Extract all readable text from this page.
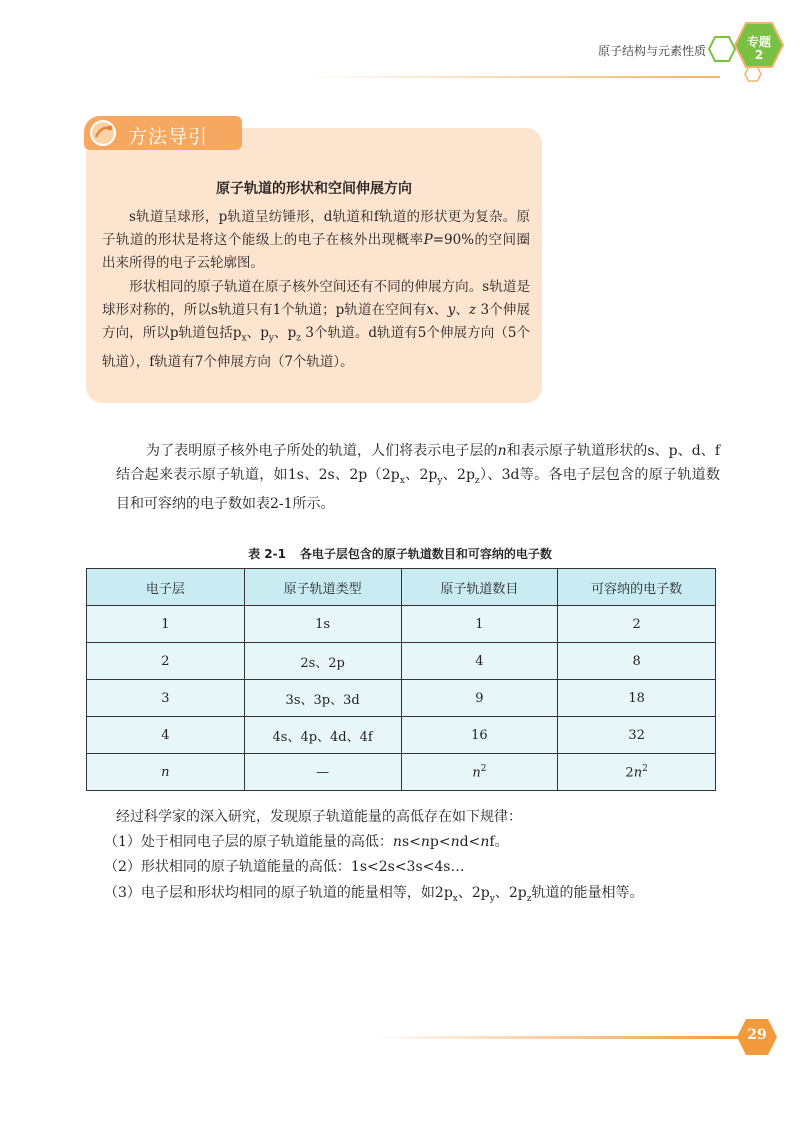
原子结构与元素性质
专题
2
方法导引
原子轨道的形状和空间伸展方向
s轨道呈球形，p轨道呈纺锤形，d轨道和f轨道的形状更为复杂。原子轨道的形状是将这个能级上的电子在核外出现概率P=90%的空间圈出来所得的电子云轮廓图。
形状相同的原子轨道在原子核外空间还有不同的伸展方向。s轨道是球形对称的，所以s轨道只有1个轨道；p轨道在空间有x、y、z 3个伸展方向，所以p轨道包括$p_x$、$p_y$、$p_z$ 3个轨道。d轨道有5个伸展方向（5个轨道），f轨道有7个伸展方向（7个轨道）。
为了表明原子核外电子所处的轨道，人们将表示电子层的n和表示原子轨道形状的s、p、d、f结合起来表示原子轨道，如1s、2s、$2p(2p_x$、$2p_y$、$2p_z$）、3d等。各电子层包含的原子轨道数目和可容纳的电子数如表2-1所示。
表 2-1 各电子层包含的原子轨道数目和可容纳的电子数
电子层	原子轨道类型	原子轨道数目	可容纳的电子数
1	1s	1	2
2	2s、2p	4	8
3	3s、3p、3d	9	18
4	4s、4p、4d、4f	16	32
n	—	$n^2$	$2n^2$
经过科学家的深入研究，发现原子轨道能量的高低存在如下规律：
（1）处于相同电子层的原子轨道能量的高低：ns<np<nd<nf。
（2）形状相同的原子轨道能量的高低：1s<2s<3s<4s…
（3）电子层和形状均相同的原子轨道的能量相等，如$2p_x$、$2p_y$、$2p_z$轨道的能量相等。
29
